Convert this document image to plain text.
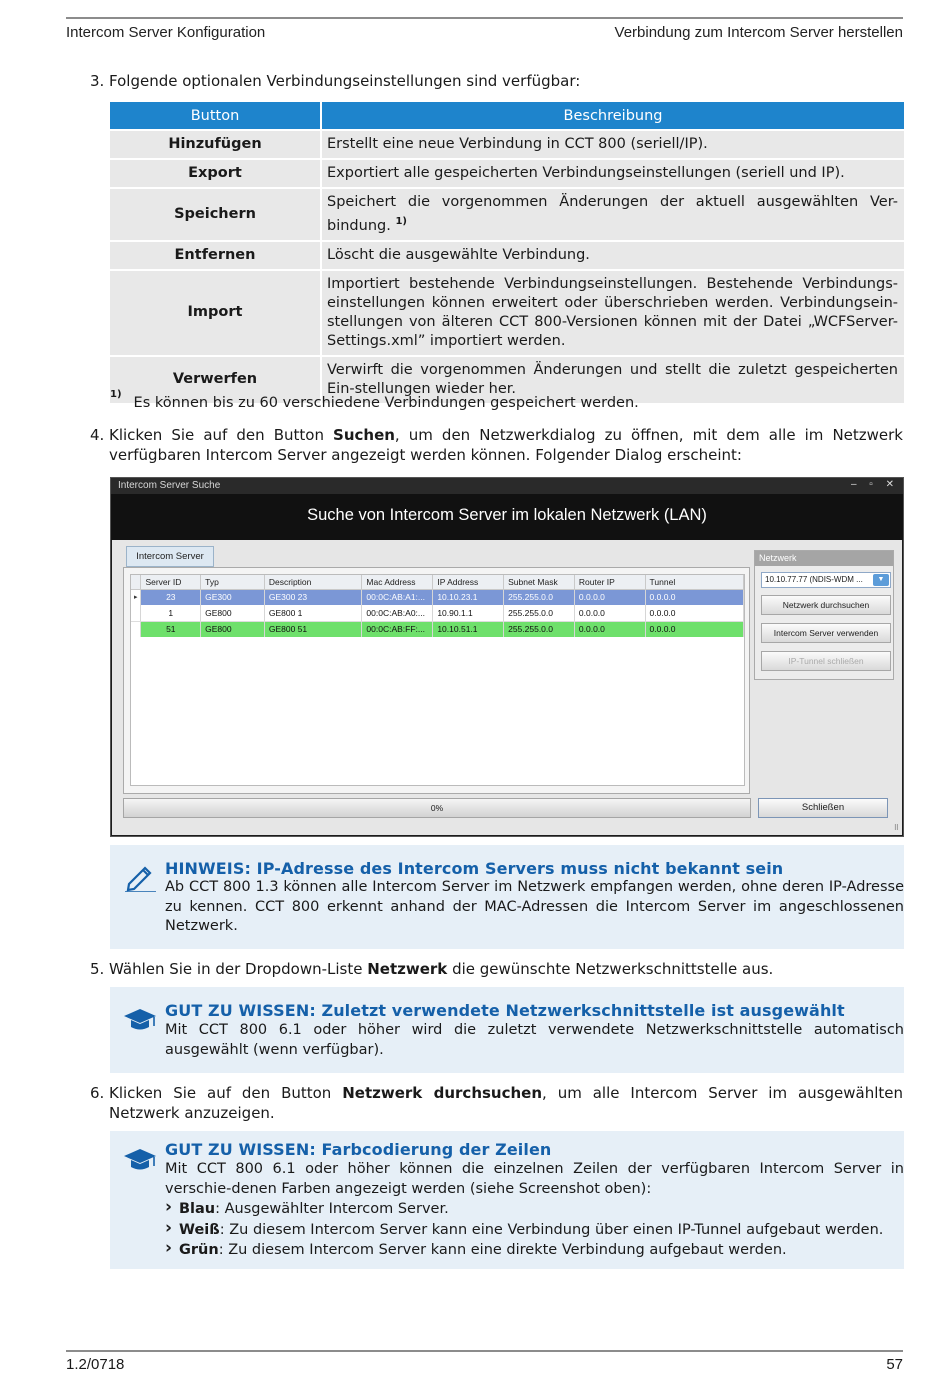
Intercom Server Konfiguration	Verbindung zum Intercom Server herstellen
3. Folgende optionalen Verbindungseinstellungen sind verfügbar:
Button	Beschreibung
Hinzufügen	Erstellt eine neue Verbindung in CCT 800 (seriell/IP).
Export	Exportiert alle gespeicherten Verbindungseinstellungen (seriell und IP).
Speichern	Speichert die vorgenommen Änderungen der aktuell ausgewählten Ver-bindung. $^{1)}$
Entfernen	Löscht die ausgewählte Verbindung.
Import	Importiert bestehende Verbindungseinstellungen. Bestehende Verbindungs-einstellungen können erweitert oder überschrieben werden. Verbindungsein-stellungen von älteren CCT 800-Versionen können mit der Datei „WCFServer-Settings.xml” importiert werden.
Verwerfen	Verwirft die vorgenommen Änderungen und stellt die zuletzt gespeicherten Ein-stellungen wieder her.
$^{1)}$Es können bis zu 60 verschiedene Verbindungen gespeichert werden.
4. Klicken Sie auf den Button Suchen, um den Netzwerkdialog zu öffnen, mit dem alle im Netzwerk verfügbaren Intercom Server angezeigt werden können. Folgender Dialog erscheint:
Intercom Server Suche	– ▫ ✕
Suche von Intercom Server im lokalen Netzwerk (LAN)
Intercom Server
	Server ID	Typ	Description	Mac Address	IP Address	Subnet Mask	Router IP	Tunnel
▸	23	GE300	GE300 23	00:0C:AB:A1:...	10.10.23.1	255.255.0.0	0.0.0.0	0.0.0.0
	1	GE800	GE800 1	00:0C:AB:A0:...	10.90.1.1	255.255.0.0	0.0.0.0	0.0.0.0
	51	GE800	GE800 51	00:0C:AB:FF:...	10.10.51.1	255.255.0.0	0.0.0.0	0.0.0.0
Netzwerk
10.10.77.77 (NDIS-WDM ...	▼
Netzwerk durchsuchen
Intercom Server verwenden
IP-Tunnel schließen
0%	Schließen
⠿
HINWEIS: IP-Adresse des Intercom Servers muss nicht bekannt sein
Ab CCT 800 1.3 können alle Intercom Server im Netzwerk empfangen werden, ohne deren IP-Adresse zu kennen. CCT 800 erkennt anhand der MAC-Adressen die Intercom Server im angeschlossenen Netzwerk.
5. Wählen Sie in der Dropdown-Liste Netzwerk die gewünschte Netzwerkschnittstelle aus.
GUT ZU WISSEN: Zuletzt verwendete Netzwerkschnittstelle ist ausgewählt
Mit CCT 800 6.1 oder höher wird die zuletzt verwendete Netzwerkschnittstelle automatisch ausgewählt (wenn verfügbar).
6. Klicken Sie auf den Button Netzwerk durchsuchen, um alle Intercom Server im ausgewählten Netzwerk anzuzeigen.
GUT ZU WISSEN: Farbcodierung der Zeilen
Mit CCT 800 6.1 oder höher können die einzelnen Zeilen der verfügbaren Intercom Server in verschie-denen Farben angezeigt werden (siehe Screenshot oben):
› Blau: Ausgewählter Intercom Server.
› Weiß: Zu diesem Intercom Server kann eine Verbindung über einen IP-Tunnel aufgebaut werden.
› Grün: Zu diesem Intercom Server kann eine direkte Verbindung aufgebaut werden.
1.2/0718	57
